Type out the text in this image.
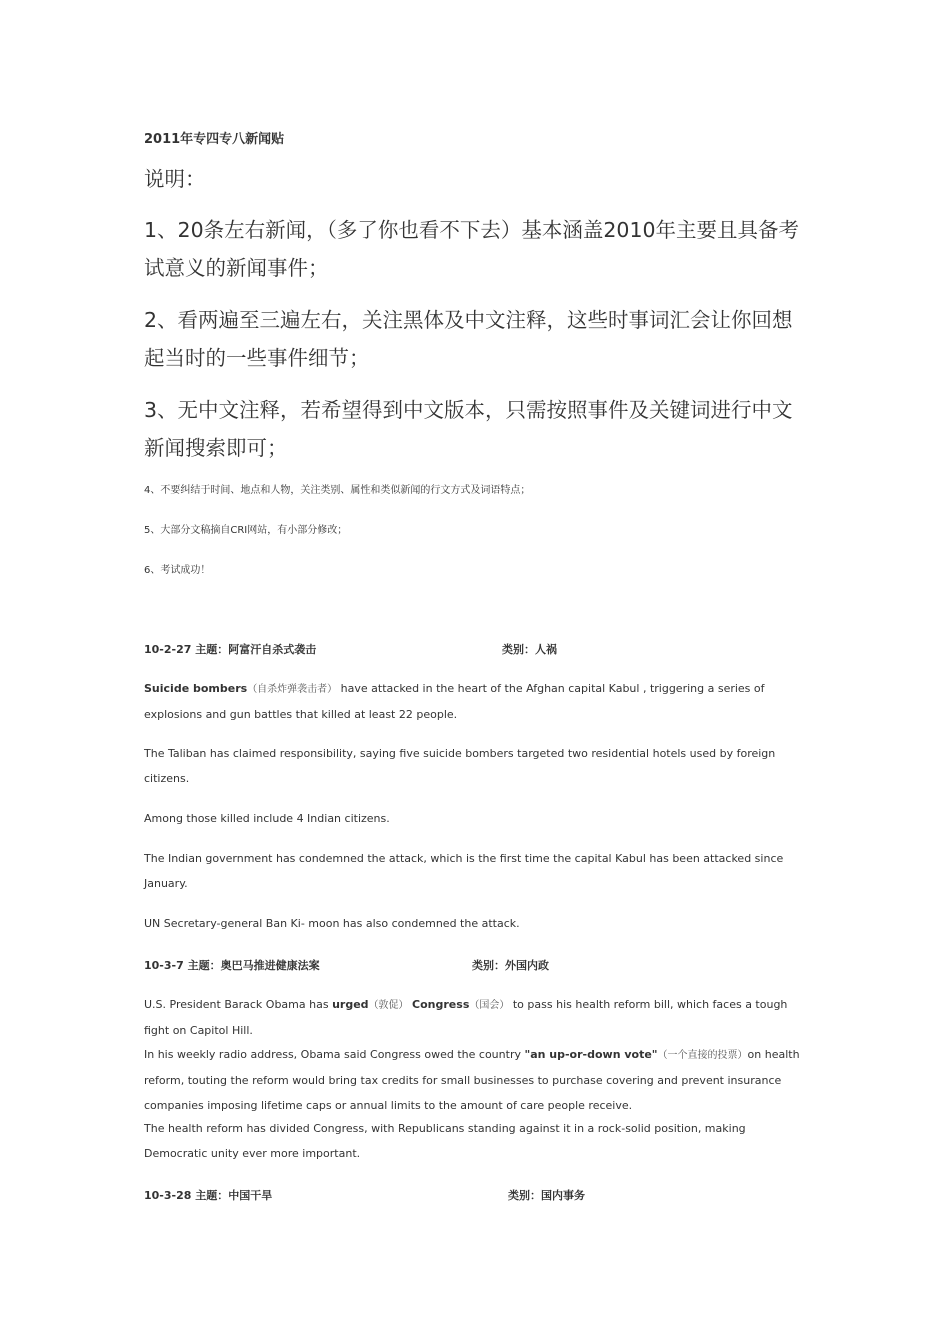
2011年专四专八新闻贴
说明：
1、20条左右新闻，（多了你也看不下去）基本涵盖2010年主要且具备考试意义的新闻事件；
2、看两遍至三遍左右，关注黑体及中文注释，这些时事词汇会让你回想起当时的一些事件细节；
3、无中文注释，若希望得到中文版本，只需按照事件及关键词进行中文新闻搜索即可；
4、不要纠结于时间、地点和人物，关注类别、属性和类似新闻的行文方式及词语特点；
5、大部分文稿摘自CRI网站，有小部分修改；
6、考试成功！
10-2-27 主题：阿富汗自杀式袭击	类别：人祸
Suicide bombers（自杀炸弹袭击者） have attacked in the heart of the Afghan capital Kabul , triggering a series of explosions and gun battles that killed at least 22 people.
The Taliban has claimed responsibility, saying five suicide bombers targeted two residential hotels used by foreign citizens.
Among those killed include 4 Indian citizens.
The Indian government has condemned the attack, which is the first time the capital Kabul has been attacked since January.
UN Secretary-general Ban Ki- moon has also condemned the attack.
10-3-7 主题：奥巴马推进健康法案	类别：外国内政
U.S. President Barack Obama has urged（敦促） Congress（国会） to pass his health reform bill, which faces a tough fight on Capitol Hill.
In his weekly radio address, Obama said Congress owed the country "an up-or-down vote"（一个直接的投票）on health reform, touting the reform would bring tax credits for small businesses to purchase covering and prevent insurance companies imposing lifetime caps or annual limits to the amount of care people receive.
The health reform has divided Congress, with Republicans standing against it in a rock-solid position, making Democratic unity ever more important.
10-3-28 主题：中国干旱	类别：国内事务
